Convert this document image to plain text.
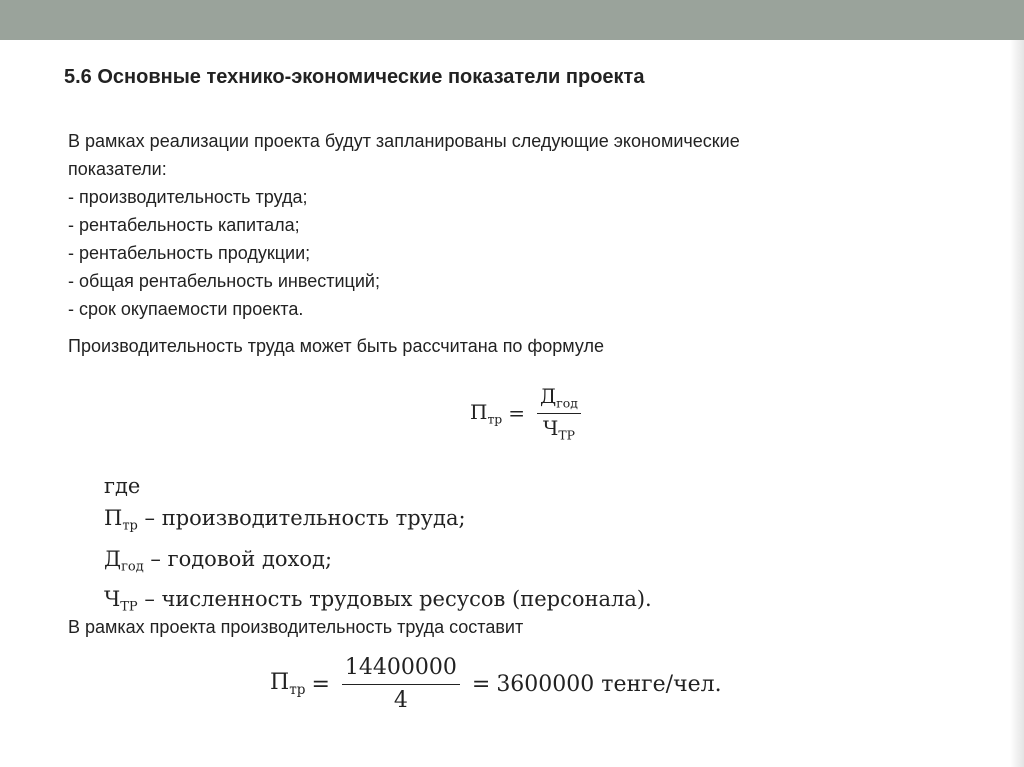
5.6 Основные технико-экономические показатели проекта
В рамках реализации проекта будут запланированы следующие экономические
показатели:
- производительность труда;
- рентабельность капитала;
- рентабельность продукции;
- общая рентабельность инвестиций;
- срок окупаемости проекта.
Производительность труда может быть рассчитана по формуле
$П_{тр} = \frac{Д_{год}}{Ч_{ТР}}$
где
$П_{тр}$ – производительность труда;
$Д_{год}$ – годовой доход;
$Ч_{ТР}$ – численность трудовых ресусов (персонала).
В рамках проекта производительность труда составит
$П_{тр} = \frac{14400000}{4} = 3600000$ тенге/чел.
